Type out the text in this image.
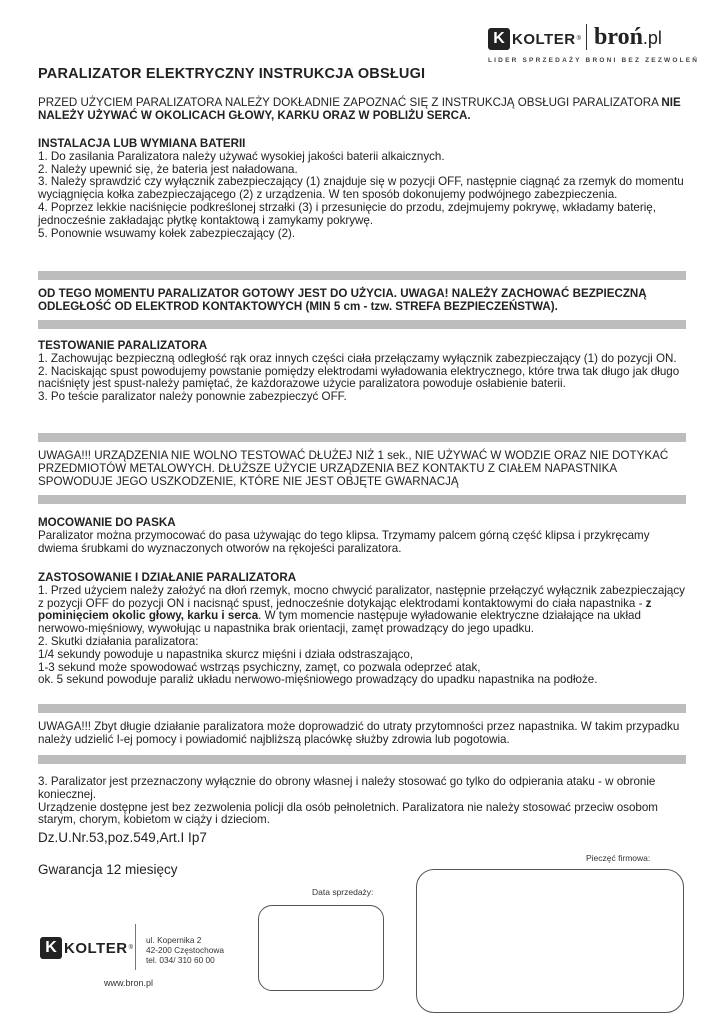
K KOLTER ® broń.pl
LIDER SPRZEDAŻY BRONI BEZ ZEZWOLEŃ
PARALIZATOR ELEKTRYCZNY INSTRUKCJA OBSŁUGI
PRZED UŻYCIEM PARALIZATORA NALEŻY DOKŁADNIE ZAPOZNAĆ SIĘ Z INSTRUKCJĄ OBSŁUGI PARALIZATORA NIE NALEŻY UŻYWAĆ W OKOLICACH GŁOWY, KARKU ORAZ W POBLIŻU SERCA.

INSTALACJA LUB WYMIANA BATERII

1. Do zasilania Paralizatora należy używać wysokiej jakości baterii alkaicznych.

2. Należy upewnić się, że bateria jest naładowana.

3. Należy sprawdzić czy wyłącznik zabezpieczający (1) znajduje się w pozycji OFF, następnie ciągnąć za rzemyk do momentu wyciągnięcia kołka zabezpieczającego (2) z urządzenia. W ten sposób dokonujemy podwójnego zabezpieczenia.

4. Poprzez lekkie naciśnięcie podkreślonej strzałki (3) i przesunięcie do przodu, zdejmujemy pokrywę, wkładamy baterię, jednocześnie zakładając płytkę kontaktową i zamykamy pokrywę.

5. Ponownie wsuwamy kołek zabezpieczający (2).

OD TEGO MOMENTU PARALIZATOR GOTOWY JEST DO UŻYCIA. UWAGA! NALEŻY ZACHOWAĆ BEZPIECZNĄ ODLEGŁOŚĆ OD ELEKTROD KONTAKTOWYCH (MIN 5 cm - tzw. STREFA BEZPIECZEŃSTWA).

TESTOWANIE PARALIZATORA

1. Zachowując bezpieczną odległość rąk oraz innych części ciała przełączamy wyłącznik zabezpieczający (1) do pozycji ON.

2. Naciskając spust powodujemy powstanie pomiędzy elektrodami wyładowania elektrycznego, które trwa tak długo jak długo naciśnięty jest spust-należy pamiętać, że każdorazowe użycie paralizatora powoduje osłabienie baterii.

3. Po teście paralizator należy ponownie zabezpieczyć OFF.

UWAGA!!! URZĄDZENIA NIE WOLNO TESTOWAĆ DŁUŻEJ NIŻ 1 sek., NIE UŻYWAĆ W WODZIE ORAZ NIE DOTYKAĆ PRZEDMIOTÓW METALOWYCH. DŁUŻSZE UŻYCIE URZĄDZENIA BEZ KONTAKTU Z CIAŁEM NAPASTNIKA SPOWODUJE JEGO USZKODZENIE, KTÓRE NIE JEST OBJĘTE GWARNACJĄ

MOCOWANIE DO PASKA

Paralizator można przymocować do pasa używając do tego klipsa. Trzymamy palcem górną część klipsa i przykręcamy dwiema śrubkami do wyznaczonych otworów na rękojeści paralizatora.

ZASTOSOWANIE I DZIAŁANIE PARALIZATORA

1. Przed użyciem należy założyć na dłoń rzemyk, mocno chwycić paralizator, następnie przełączyć wyłącznik zabezpieczający z pozycji OFF do pozycji ON i nacisnąć spust, jednocześnie dotykając elektrodami kontaktowymi do ciała napastnika - z pominięciem okolic głowy, karku i serca. W tym momencie następuje wyładowanie elektryczne działające na układ nerwowo-mięśniowy, wywołując u napastnika brak orientacji, zamęt prowadzący do jego upadku.

2. Skutki działania paralizatora:

1/4 sekundy powoduje u napastnika skurcz mięśni i działa odstraszająco,

1-3 sekund może spowodować wstrząs psychiczny, zamęt, co pozwala odeprzeć atak,

ok. 5 sekund powoduje paraliż układu nerwowo-mięśniowego prowadzący do upadku napastnika na podłoże.

UWAGA!!! Zbyt długie działanie paralizatora może doprowadzić do utraty przytomności przez napastnika. W takim przypadku należy udzielić I-ej pomocy i powiadomić najbliższą placówkę służby zdrowia lub pogotowia.

3. Paralizator jest przeznaczony wyłącznie do obrony własnej i należy stosować go tylko do odpierania ataku - w obronie koniecznej.

Urządzenie dostępne jest bez zezwolenia policji dla osób pełnoletnich. Paralizatora nie należy stosować przeciw osobom starym, chorym, kobietom w ciąży i dzieciom.

Dz.U.Nr.53,poz.549,Art.I Ip7
Gwarancja 12 miesięcy
Data sprzedaży:
Pieczęć firmowa:
K KOLTER ®
ul. Kopernika 2
42-200 Częstochowa
tel. 034/ 310 60 00
www.bron.pl
